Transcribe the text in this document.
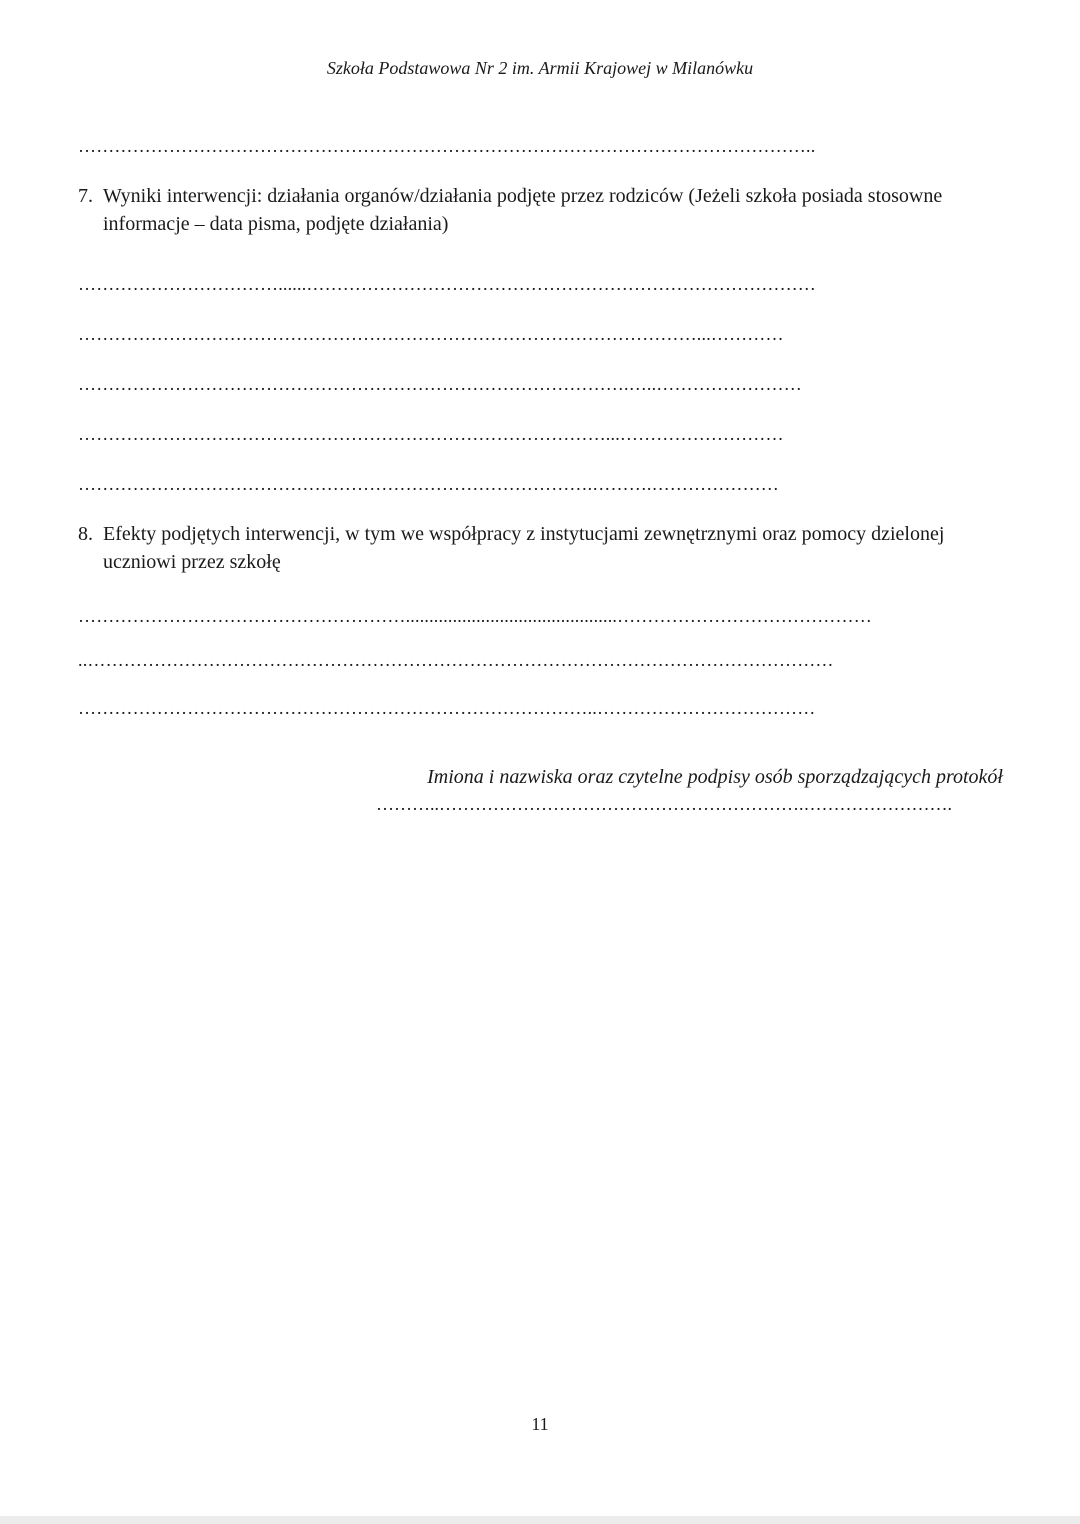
Szkoła Podstawowa Nr 2 im. Armii Krajowej w Milanówku
…………………………………………………………………………………………………………..
7. Wyniki interwencji: działania organów/działania podjęte przez rodziców (Jeżeli szkoła posiada stosowne informacje – data pisma, podjęte działania)
……………………………......…………………………………………………………………………
…………………………………………………………………………………………...…………
……………………………………………………………………………….…..……………………
……………………………………………………………………………...………………………
………………………………………………………………………….……….…………………
8. Efekty podjętych interwencji, w tym we współpracy z instytucjami zewnętrznymi oraz pomocy dzielonej uczniowi przez szkołę
……………………………………………….............................................……………………………………
..……………………………………………………………………………………………………………
…………………………………………………………………………..………………………………
Imiona i nazwiska oraz czytelne podpisy osób sporządzających protokół
………..…………………………………………………….…………………….
11
